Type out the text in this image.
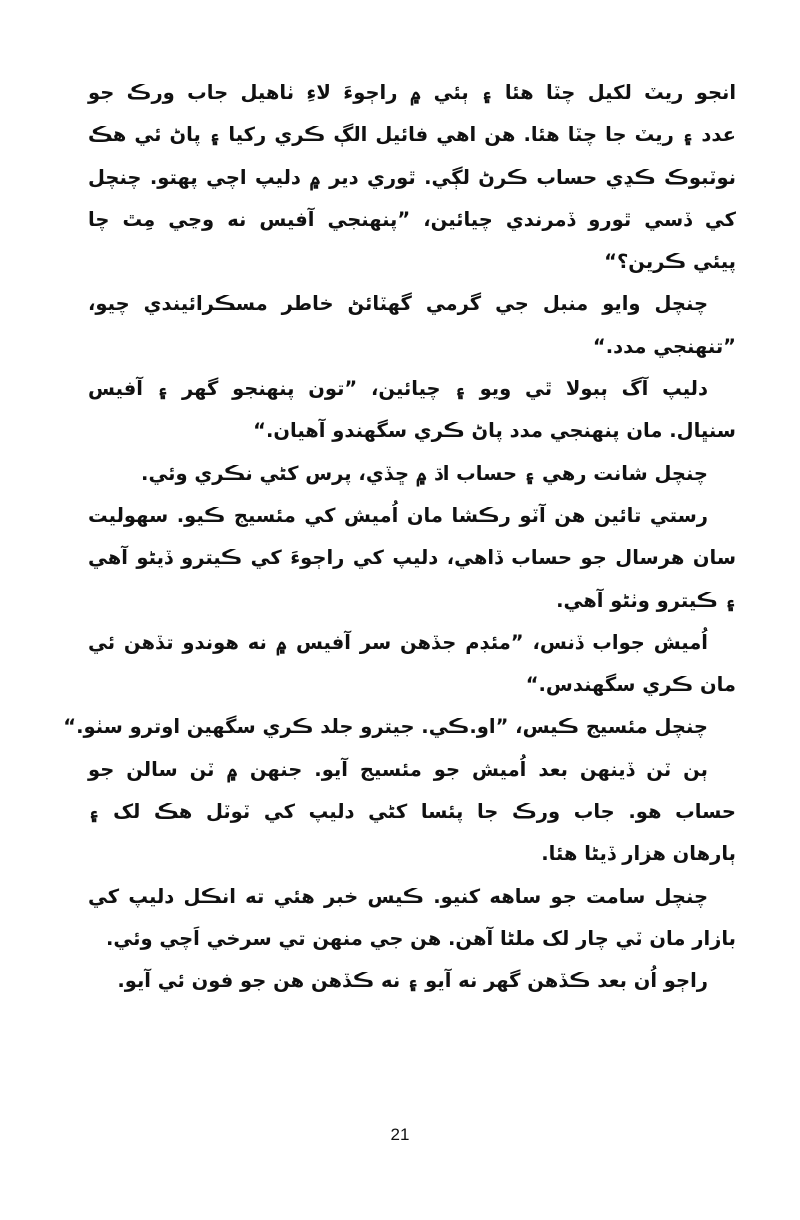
انجو ريٽ لکيل چٽا هئا ۽ ٻئي ۾ راڄوءَ لاءِ ٺاهيل جاب ورڪ جو
عدد ۽ ريٽ جا چٽا هئا. هن اهي فائيل الڳ ڪري رکيا ۽ پاڻ ئي هڪ
نوٽبوڪ ڪڍي حساب ڪرڻ لڳي. ٿوري دير ۾ دليپ اچي پهتو. چنچل
کي ڏسي ٿورو ڏمرندي چيائين، ”پنهنجي آفيس نه وڃي مِٿ چا
پيئي ڪرين؟“
چنچل وايو منبل جي گرمي گهٽائڻ خاطر مسڪرائيندي چيو،
”تنهنجي مدد.“
دليپ آگ ٻبولا ٿي ويو ۽ چيائين، ”تون پنهنجو گهر ۽ آفيس
سنڀال. مان پنهنجي مدد پاڻ ڪري سگهندو آهيان.“
چنچل شانت رهي ۽ حساب اڌ ۾ ڇڏي، پرس کڻي نڪري وئي.
رستي تائين هن آٽو رڪشا مان اُميش کي مئسيج ڪيو. سهوليت
سان هرسال جو حساب ڏاهي، دليپ کي راڄوءَ کي ڪيترو ڏيڻو آهي
۽ ڪيترو وٺڻو آهي.
اُميش جواب ڏنس، ”مئڊم جڏهن سر آفيس ۾ نه هوندو تڏهن ئي
مان ڪري سگهندس.“
چنچل مئسيج ڪيس، ”او.ڪي. جيترو جلد ڪري سگهين اوترو سٺو.“
ٻن ٽن ڏينهن بعد اُميش جو مئسيج آيو. جنهن ۾ ٽن سالن جو
حساب هو. جاب ورڪ جا پئسا کڻي دليپ کي ٽوٽل هڪ لک ۽
ٻارهان هزار ڏيڻا هئا.
چنچل سامت جو ساهه کنيو. ڪيس خبر هئي ته انڪل دليپ کي
بازار مان ٽي چار لک ملڻا آهن. هن جي منهن تي سرخي اَچي وئي.
راڄو اُن بعد ڪڏهن گهر نه آيو ۽ نه ڪڏهن هن جو فون ئي آيو.
21
